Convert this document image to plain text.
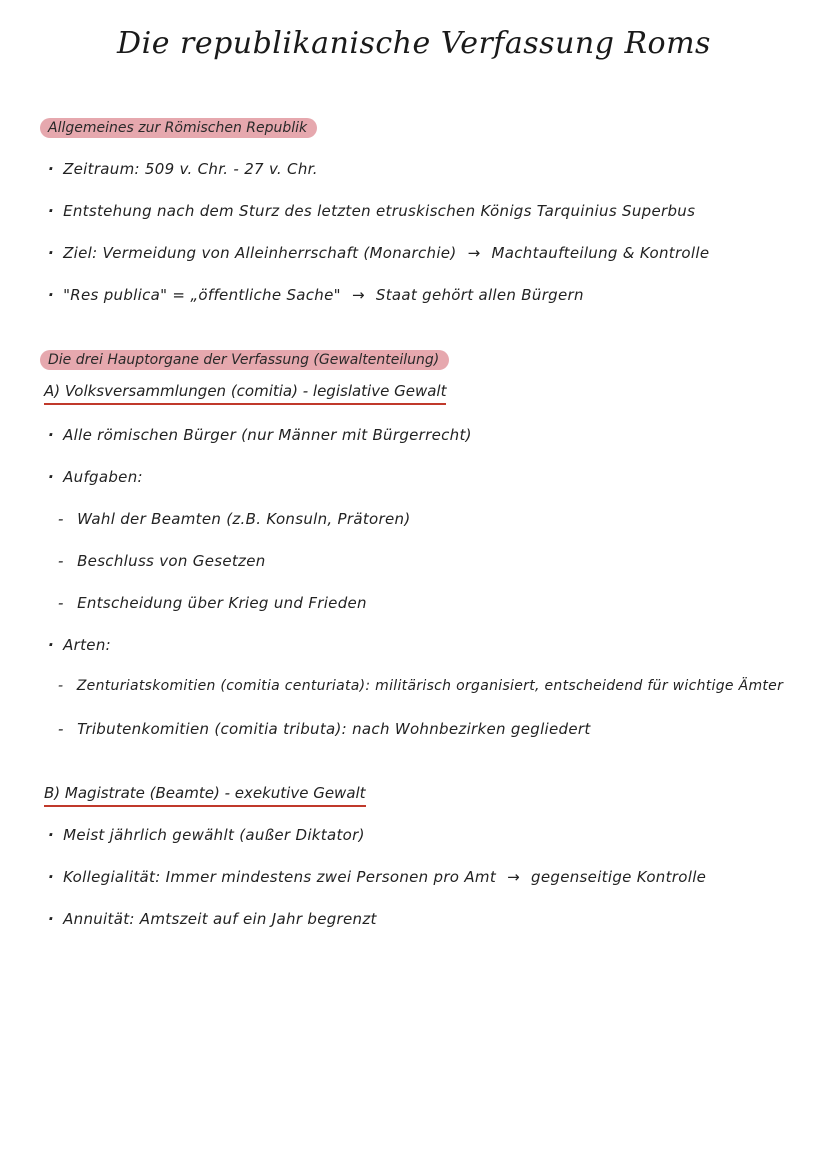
Die republikanische Verfassung Roms
Allgemeines zur Römischen Republik
· Zeitraum: 509 v. Chr. - 27 v. Chr.
· Entstehung nach dem Sturz des letzten etruskischen Königs Tarquinius Superbus
· Ziel: Vermeidung von Alleinherrschaft (Monarchie) → Machtaufteilung & Kontrolle
· "Res publica" = „öffentliche Sache" → Staat gehört allen Bürgern
Die drei Hauptorgane der Verfassung (Gewaltenteilung)
A) Volksversammlungen (comitia) - legislative Gewalt
· Alle römischen Bürger (nur Männer mit Bürgerrecht)
· Aufgaben:
- Wahl der Beamten (z.B. Konsuln, Prätoren)
- Beschluss von Gesetzen
- Entscheidung über Krieg und Frieden
· Arten:
- Zenturiatskomitien (comitia centuriata): militärisch organisiert, entscheidend für wichtige Ämter
- Tributenkomitien (comitia tributa): nach Wohnbezirken gegliedert
B) Magistrate (Beamte) - exekutive Gewalt
· Meist jährlich gewählt (außer Diktator)
· Kollegialität: Immer mindestens zwei Personen pro Amt → gegenseitige Kontrolle
· Annuität: Amtszeit auf ein Jahr begrenzt
